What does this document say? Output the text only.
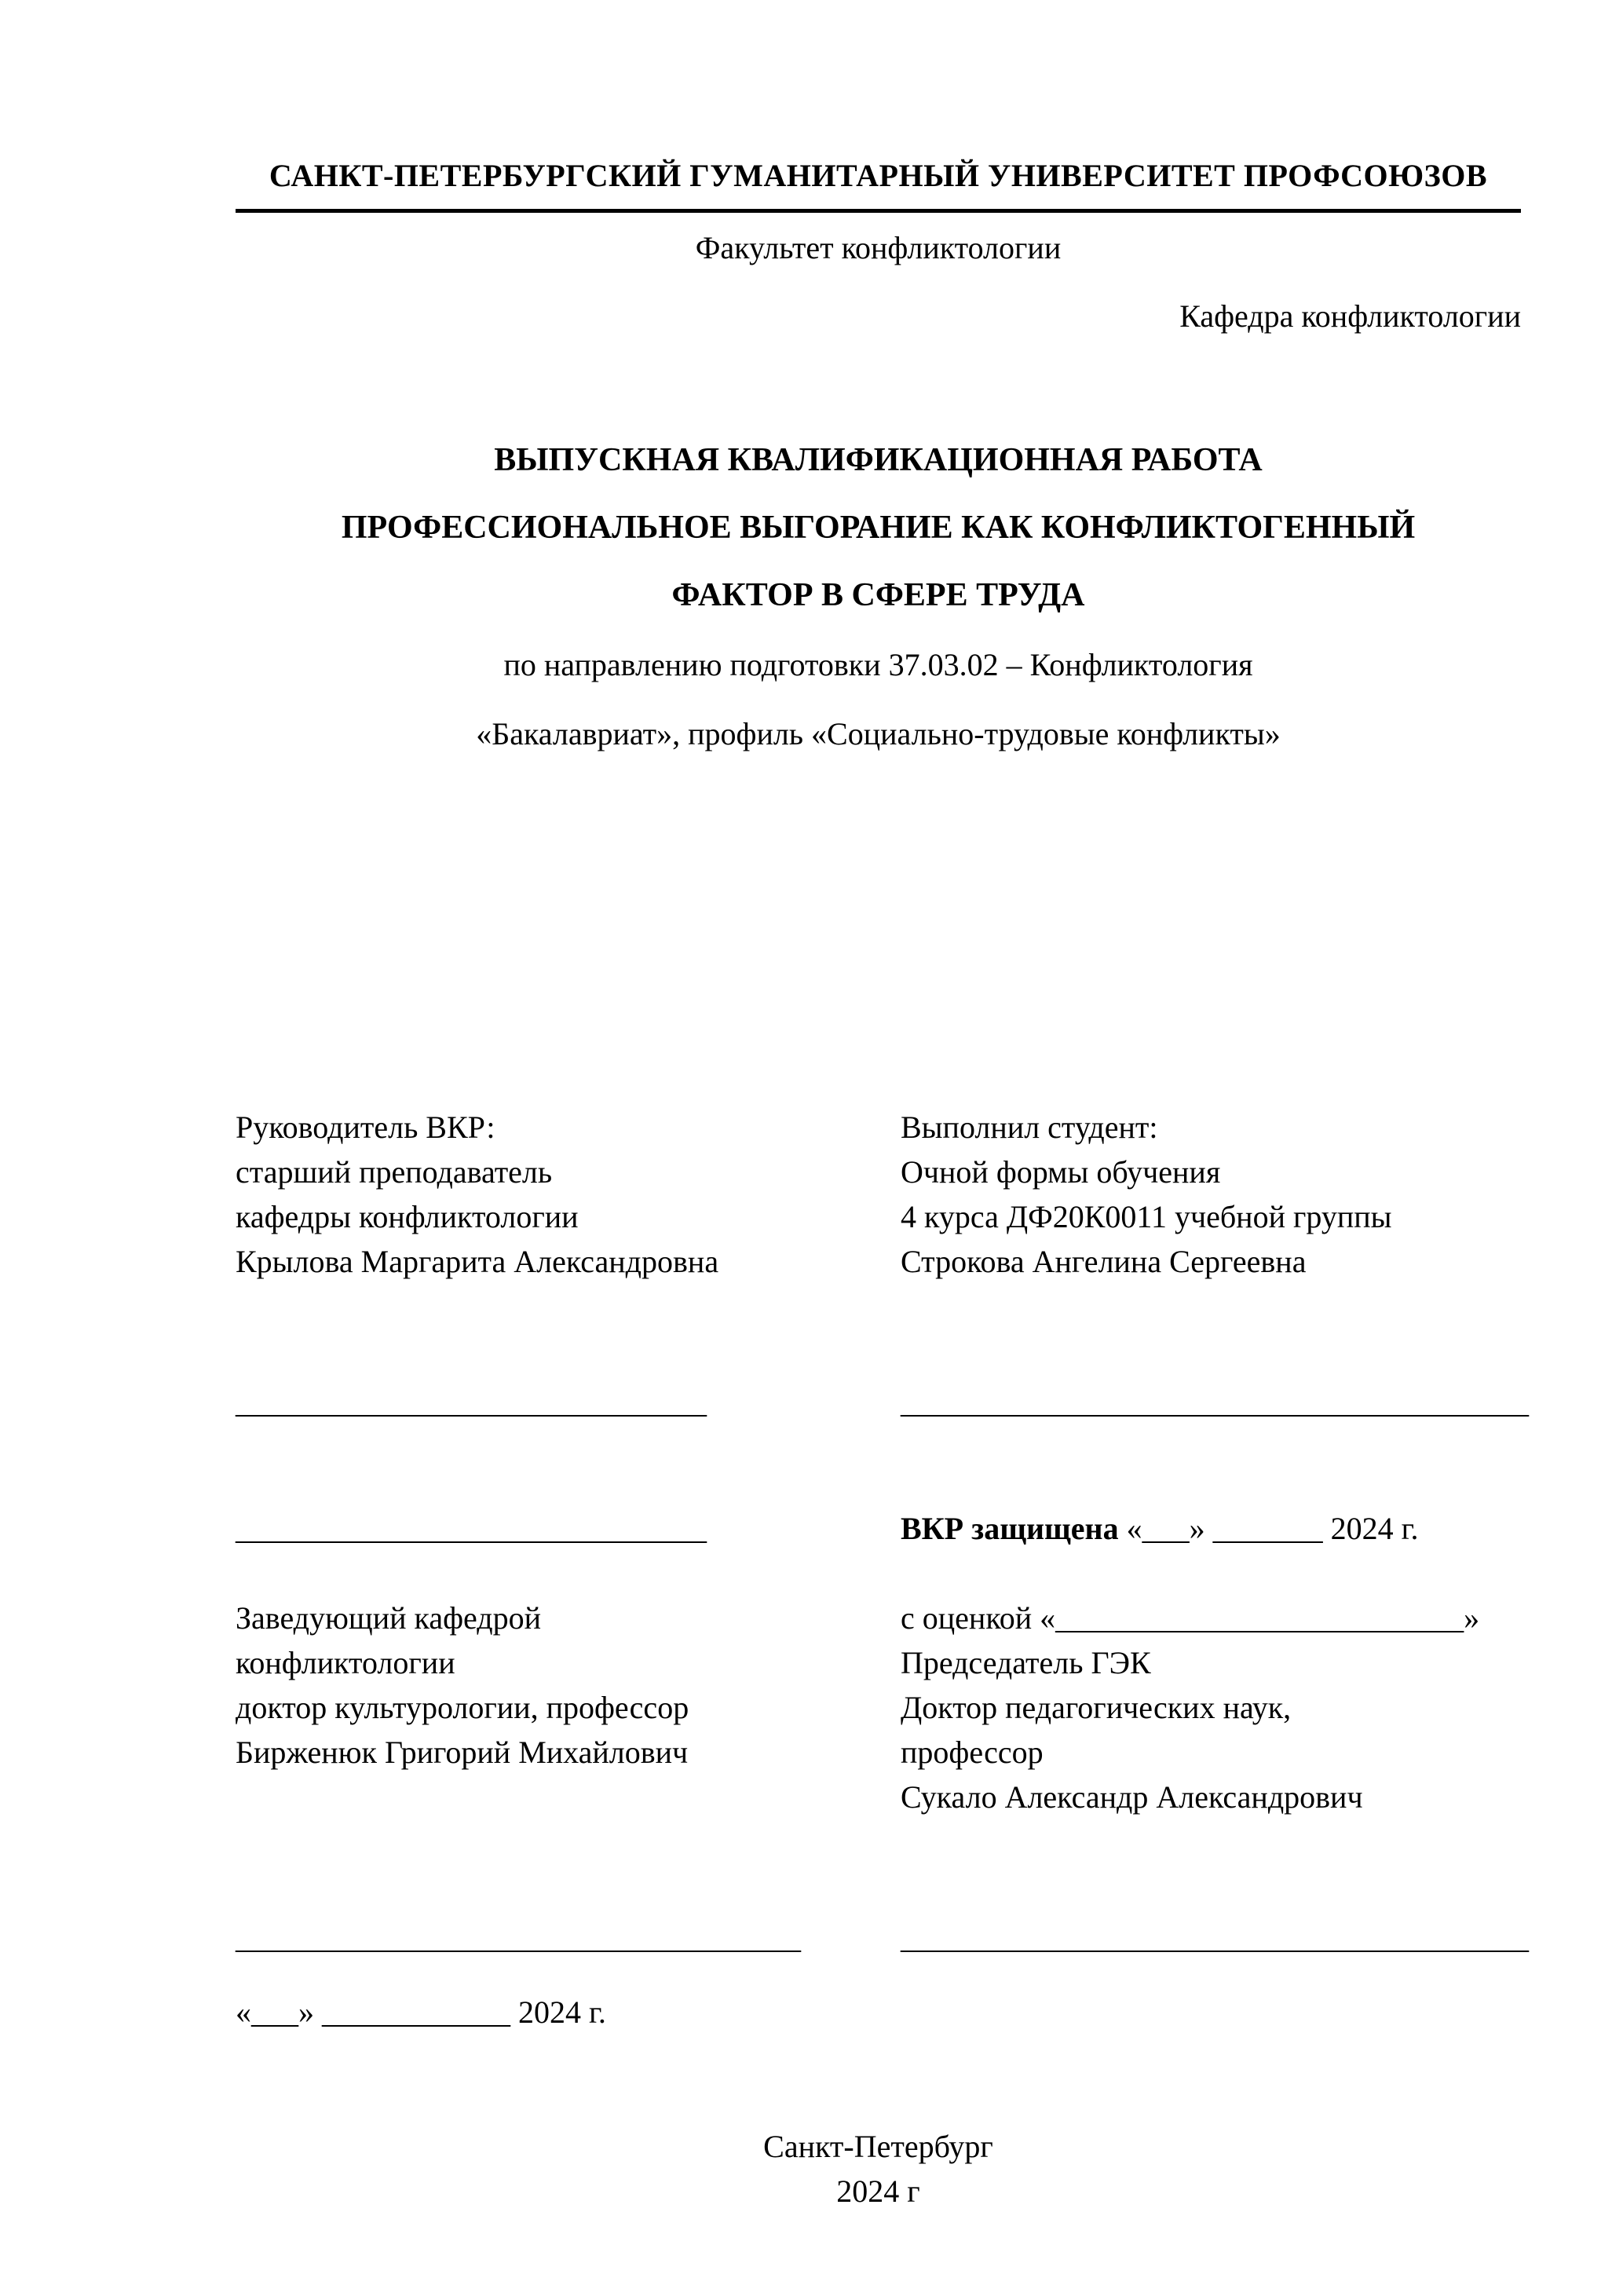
САНКТ-ПЕТЕРБУРГСКИЙ ГУМАНИТАРНЫЙ УНИВЕРСИТЕТ ПРОФСОЮЗОВ
Факультет конфликтологии
Кафедра конфликтологии
ВЫПУСКНАЯ КВАЛИФИКАЦИОННАЯ РАБОТА
ПРОФЕССИОНАЛЬНОЕ ВЫГОРАНИЕ КАК КОНФЛИКТОГЕННЫЙ
ФАКТОР В СФЕРЕ ТРУДА
по направлению подготовки 37.03.02 – Конфликтология
«Бакалавриат», профиль «Социально-трудовые конфликты»
Руководитель ВКР:
старший преподаватель
кафедры конфликтологии
Крылова Маргарита Александровна
Выполнил студент:
Очной формы обучения
4 курса ДФ20К0011 учебной группы
Строкова Ангелина Сергеевна
______________________________	________________________________________
______________________________	ВКР защищена «___» _______ 2024 г.
Заведующий кафедрой
конфликтологии
доктор культурологии, профессор
Бирженюк Григорий Михайлович
с оценкой «__________________________»
Председатель ГЭК
Доктор педагогических наук,
профессор
Сукало Александр Александрович
____________________________________	________________________________________
«___» ____________ 2024 г.
Санкт-Петербург
2024 г
